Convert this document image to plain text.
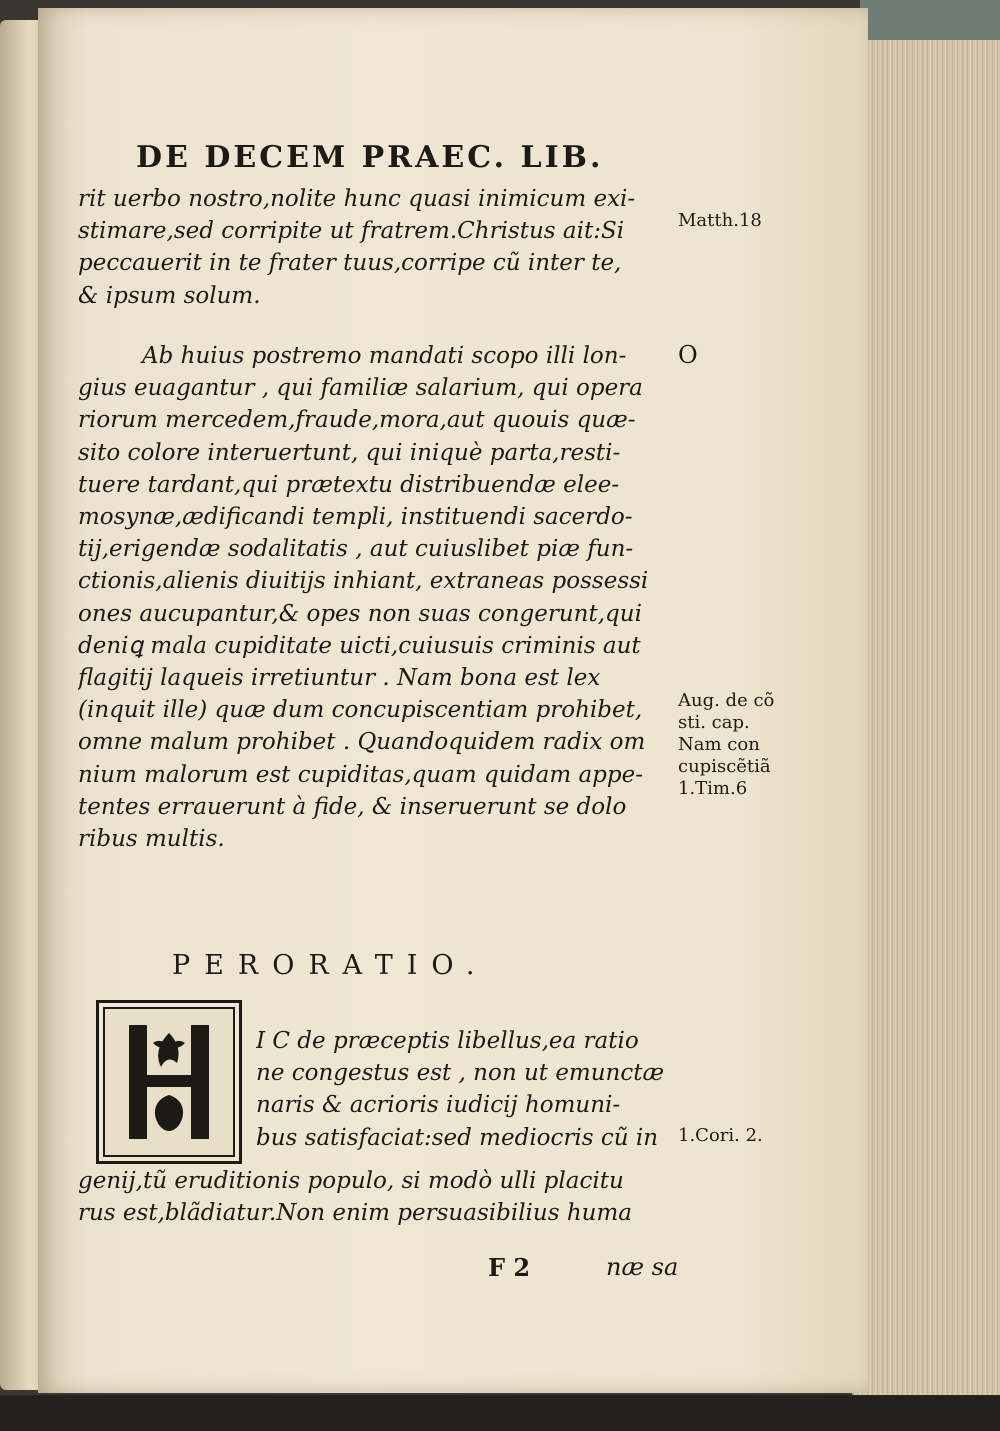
DE DECEM PRAEC. LIB.
rit uerbo nostro,nolite hunc quasi inimicum exi-
stimare,sed corripite ut fratrem.Christus ait:Si
peccauerit in te frater tuus,corripe cũ inter te,
& ipsum solum.
Ab huius postremo mandati scopo illi lon-
gius euagantur , qui familiæ salarium, qui opera
riorum mercedem,fraude,mora,aut quouis quæ-
sito colore interuertunt, qui iniquè parta,resti-
tuere tardant,qui prætextu distribuendæ elee-
mosynæ,ædificandi templi, instituendi sacerdo-
tij,erigendæ sodalitatis , aut cuiuslibet piæ fun-
ctionis,alienis diuitijs inhiant, extraneas possessi
ones aucupantur,& opes non suas congerunt,qui
deniꝗ mala cupiditate uicti,cuiusuis criminis aut
flagitij laqueis irretiuntur . Nam bona est lex
(inquit ille) quæ dum concupiscentiam prohibet,
omne malum prohibet . Quandoquidem radix om
nium malorum est cupiditas,quam quidam appe-
tentes errauerunt à fide, & inseruerunt se dolo
ribus multis.
PERORATIO.
H
I C de præceptis libellus,ea ratio
ne congestus est , non ut emunctæ
naris & acrioris iudicij homuni-
bus satisfaciat:sed mediocris cũ in
genij,tũ eruditionis populo, si modò ulli placitu
rus est,blãdiatur.Non enim persuasibilius huma
Matth.18
O
Aug. de cõ
sti. cap.
Nam con
cupiscẽtiã
1.Tim.6
1.Cori. 2.
F 2	næ sa
